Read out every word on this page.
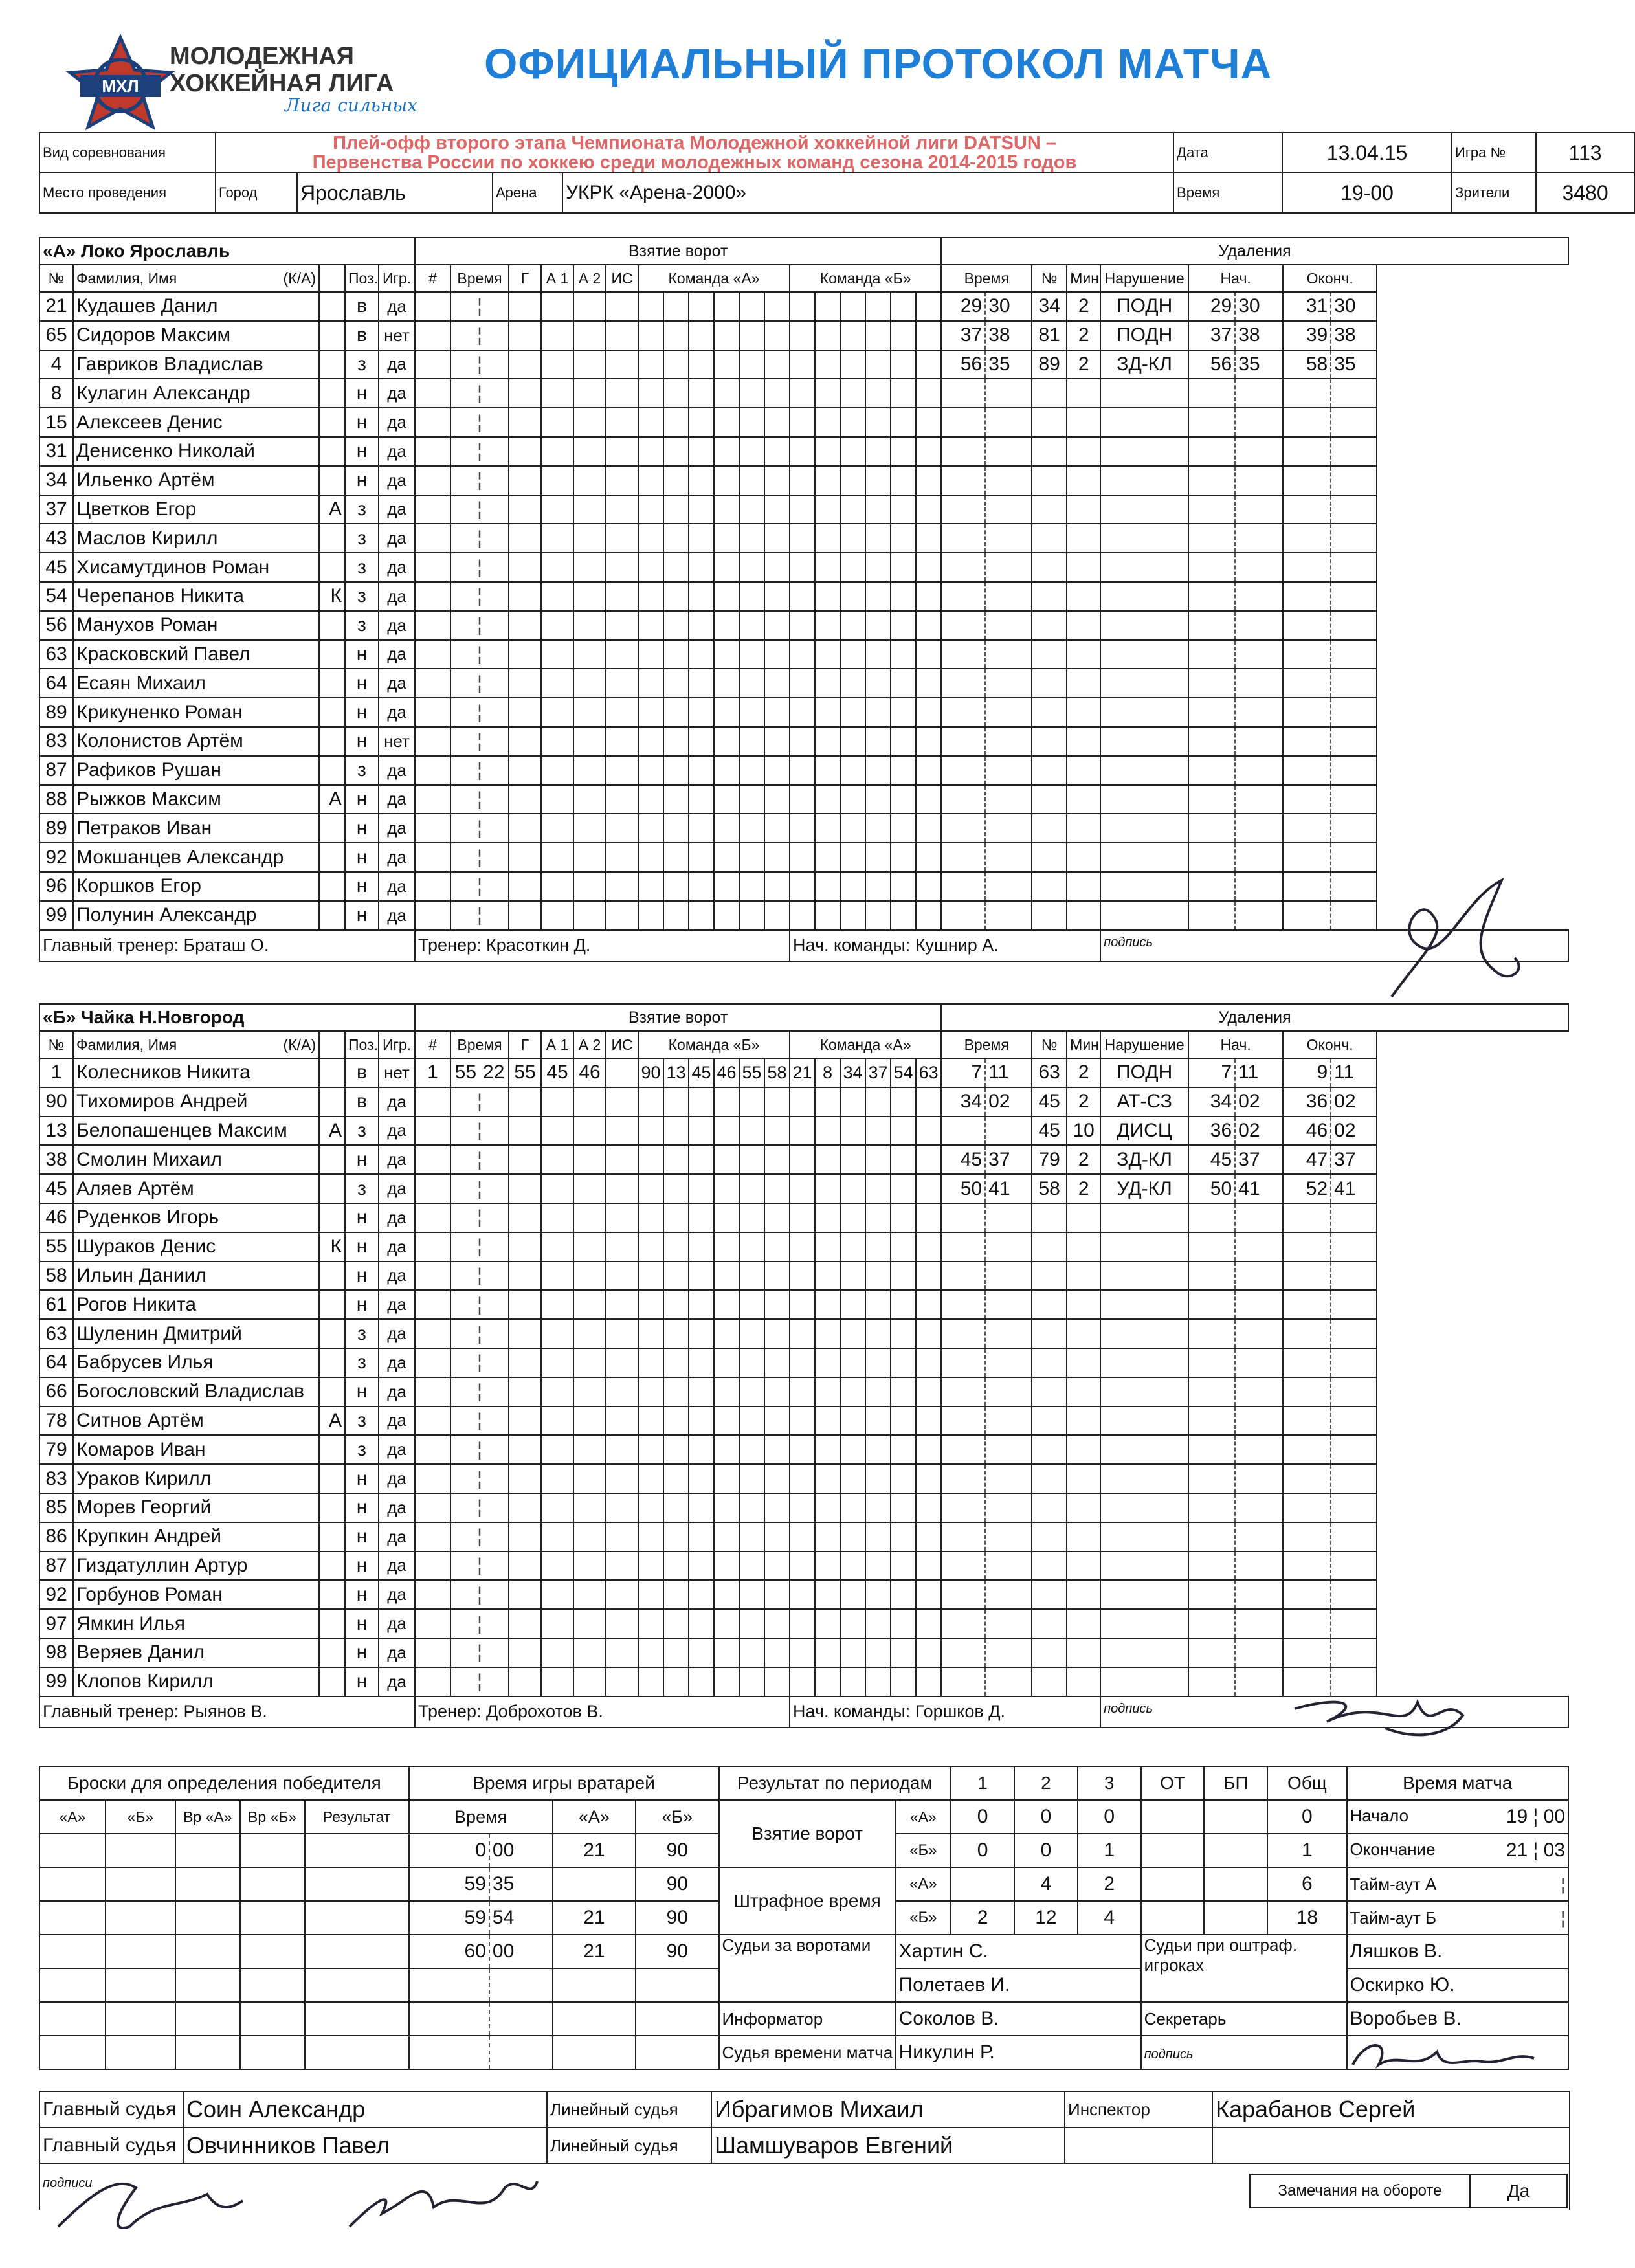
МХЛ
МОЛОДЕЖНАЯ
ХОККЕЙНАЯ ЛИГА
Лига сильных
ОФИЦИАЛЬНЫЙ ПРОТОКОЛ МАТЧА
Вид соревнования	Плей-офф второго этапа Чемпионата Молодежной хоккейной лиги DATSUN –
Первенства России по хоккею среди молодежных команд сезона 2014-2015 годов				Дата	13.04.15	Игра №	113
Место проведения	Город	Ярославль	Арена	УКРК «Арена-2000»	Время	19-00	Зрители	3480
«А» Локо Ярославль					Взятие ворот																		Удаления								
№	Фамилия, Имя (К/А)		Поз.	Игр.	#	Время	Г	А 1	А 2	ИС	Команда «А»						Команда «Б»						Время		№	Мин	Нарушение	Нач.		Оконч.	
21	Кудашев Данил		в	да		¦																	29	30	34	2	ПОДН	29	30	31	30
65	Сидоров Максим		в	нет		¦																	37	38	81	2	ПОДН	37	38	39	38
4	Гавриков Владислав		з	да		¦																	56	35	89	2	ЗД-КЛ	56	35	58	35
8	Кулагин Александр		н	да		¦																									
15	Алексеев Денис		н	да		¦																									
31	Денисенко Николай		н	да		¦																									
34	Ильенко Артём		н	да		¦																									
37	Цветков Егор	А	з	да		¦																									
43	Маслов Кирилл		з	да		¦																									
45	Хисамутдинов Роман		з	да		¦																									
54	Черепанов Никита	К	з	да		¦																									
56	Манухов Роман		з	да		¦																									
63	Красковский Павел		н	да		¦																									
64	Есаян Михаил		н	да		¦																									
89	Крикуненко Роман		н	да		¦																									
83	Колонистов Артём		н	нет		¦																									
87	Рафиков Рушан		з	да		¦																									
88	Рыжков Максим	А	н	да		¦																									
89	Петраков Иван		н	да		¦																									
92	Мокшанцев Александр		н	да		¦																									
96	Коршков Егор		н	да		¦																									
99	Полунин Александр		н	да		¦																									
Главный тренер: Браташ О.					Тренер: Красоткин Д.												Нач. команды: Кушнир А.										подпись				
«Б» Чайка Н.Новгород					Взятие ворот																		Удаления								
№	Фамилия, Имя (К/А)		Поз.	Игр.	#	Время	Г	А 1	А 2	ИС	Команда «Б»						Команда «А»						Время		№	Мин	Нарушение	Нач.		Оконч.	
1	Колесников Никита		в	нет	1	55 22	55	45	46		90	13	45	46	55	58	21	8	34	37	54	63	7	11	63	2	ПОДН	7	11	9	11
90	Тихомиров Андрей		в	да		¦																	34	02	45	2	АТ-СЗ	34	02	36	02
13	Белопашенцев Максим	А	з	да		¦																			45	10	ДИСЦ	36	02	46	02
38	Смолин Михаил		н	да		¦																	45	37	79	2	ЗД-КЛ	45	37	47	37
45	Аляев Артём		з	да		¦																	50	41	58	2	УД-КЛ	50	41	52	41
46	Руденков Игорь		н	да		¦																									
55	Шураков Денис	К	н	да		¦																									
58	Ильин Даниил		н	да		¦																									
61	Рогов Никита		н	да		¦																									
63	Шуленин Дмитрий		з	да		¦																									
64	Бабрусев Илья		з	да		¦																									
66	Богословский Владислав		н	да		¦																									
78	Ситнов Артём	А	з	да		¦																									
79	Комаров Иван		з	да		¦																									
83	Ураков Кирилл		н	да		¦																									
85	Морев Георгий		н	да		¦																									
86	Крупкин Андрей		н	да		¦																									
87	Гиздатуллин Артур		н	да		¦																									
92	Горбунов Роман		н	да		¦																									
97	Ямкин Илья		н	да		¦																									
98	Веряев Данил		н	да		¦																									
99	Клопов Кирилл		н	да		¦																									
Главный тренер: Рыянов В.					Тренер: Доброхотов В.												Нач. команды: Горшков Д.										подпись				
Броски для определения победителя					Время игры вратарей				Результат по периодам		1	2	3	ОТ	БП	Общ	Время матча
«А»	«Б»	Вр «А»	Вр «Б»	Результат	Время		«А»	«Б»	Взятие ворот	«А»	0	0	0			0	Начало 19 ¦ 00

					0	00	21	90		«Б»	0	0	1			1	Окончание 21 ¦ 03

					59	35		90	Штрафное время	«А»		4	2			6	Тайм-аут А ¦

					59	54	21	90		«Б»	2	12	4			18	Тайм-аут Б ¦

					60	00	21	90	Судьи за воротами	Хартин С.				Судьи при оштраф. игроках			Ляшков В.
										Полетаев И.							Оскирко Ю.
									Информатор	Соколов В.				Секретарь			Воробьев В.
									Судья времени матча	Никулин Р.				подпись			
Главный судья	Соин Александр	Линейный судья	Ибрагимов Михаил	Инспектор	Карабанов Сергей
Главный судья	Овчинников Павел	Линейный судья	Шамшуваров Евгений		
$^{подписи}$	Замечания на обороте	Да
